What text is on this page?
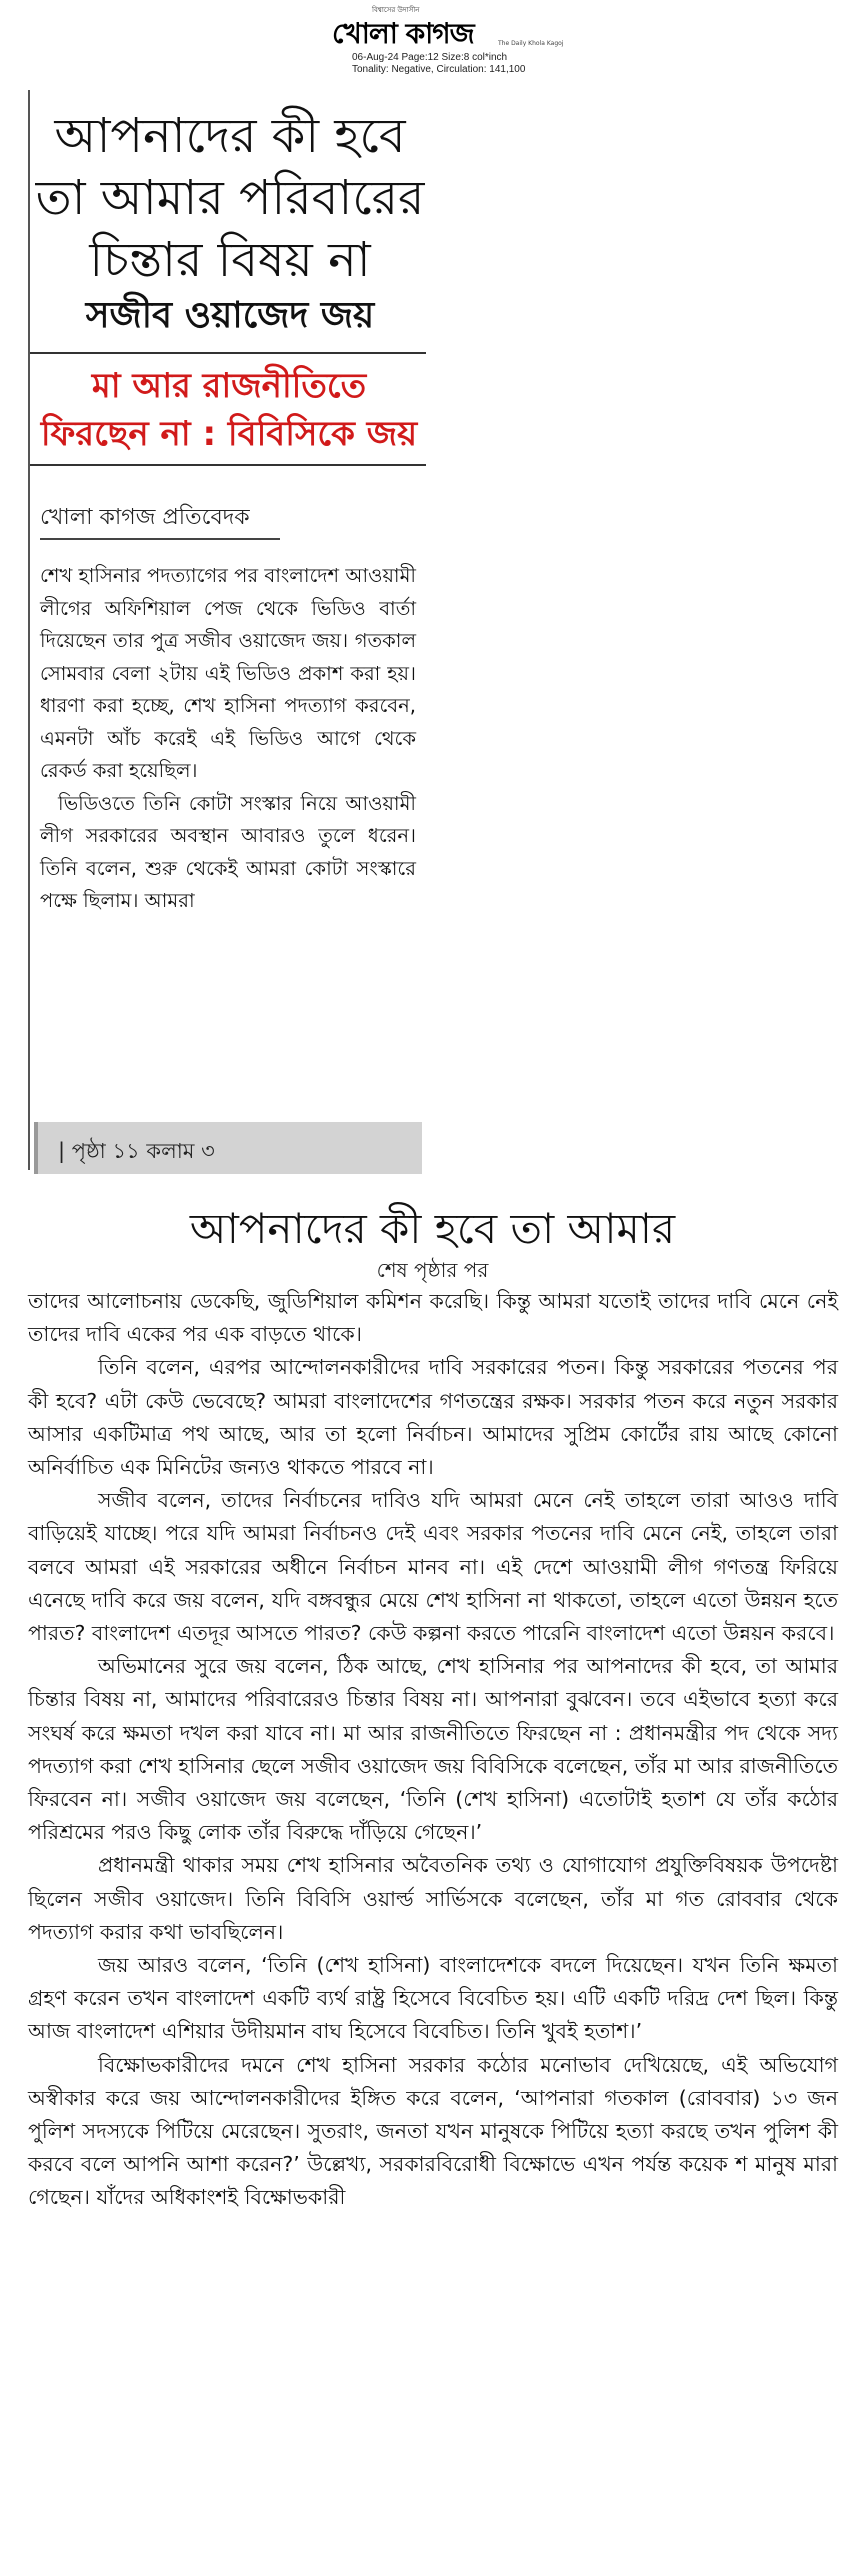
বিশ্বাসের উদাসীন
খোলা কাগজ	The Daily Khola Kagoj
06-Aug-24 Page:12 Size:8 col*inch
Tonality: Negative, Circulation: 141,100
আপনাদের কী হবে
তা আমার পরিবারের
চিন্তার বিষয় না
সজীব ওয়াজেদ জয়
মা আর রাজনীতিতে
ফিরছেন না : বিবিসিকে জয়
খোলা কাগজ প্রতিবেদক

শেখ হাসিনার পদত্যাগের পর বাংলাদেশ আওয়ামী লীগের অফিশিয়াল পেজ থেকে ভিডিও বার্তা দিয়েছেন তার পুত্র সজীব ওয়াজেদ জয়। গতকাল সোমবার বেলা ২টায় এই ভিডিও প্রকাশ করা হয়। ধারণা করা হচ্ছে, শেখ হাসিনা পদত্যাগ করবেন, এমনটা আঁচ করেই এই ভিডিও আগে থেকে রেকর্ড করা হয়েছিল।

ভিডিওতে তিনি কোটা সংস্কার নিয়ে আওয়ামী লীগ সরকারের অবস্থান আবারও তুলে ধরেন। তিনি বলেন, শুরু থেকেই আমরা কোটা সংস্কারে পক্ষে ছিলাম। আমরা

| পৃষ্ঠা ১১ কলাম ৩
আপনাদের কী হবে তা আমার
শেষ পৃষ্ঠার পর

তাদের আলোচনায় ডেকেছি, জুডিশিয়াল কমিশন করেছি। কিন্তু আমরা যতোই তাদের দাবি মেনে নেই তাদের দাবি একের পর এক বাড়তে থাকে।

তিনি বলেন, এরপর আন্দোলনকারীদের দাবি সরকারের পতন। কিন্তু সরকারের পতনের পর কী হবে? এটা কেউ ভেবেছে? আমরা বাংলাদেশের গণতন্ত্রের রক্ষক। সরকার পতন করে নতুন সরকার আসার একটিমাত্র পথ আছে, আর তা হলো নির্বাচন। আমাদের সুপ্রিম কোর্টের রায় আছে কোনো অনির্বাচিত এক মিনিটের জন্যও থাকতে পারবে না।

সজীব বলেন, তাদের নির্বাচনের দাবিও যদি আমরা মেনে নেই তাহলে তারা আওও দাবি বাড়িয়েই যাচ্ছে। পরে যদি আমরা নির্বাচনও দেই এবং সরকার পতনের দাবি মেনে নেই, তাহলে তারা বলবে আমরা এই সরকারের অধীনে নির্বাচন মানব না। এই দেশে আওয়ামী লীগ গণতন্ত্র ফিরিয়ে এনেছে দাবি করে জয় বলেন, যদি বঙ্গবন্ধুর মেয়ে শেখ হাসিনা না থাকতো, তাহলে এতো উন্নয়ন হতে পারত? বাংলাদেশ এতদূর আসতে পারত? কেউ কল্পনা করতে পারেনি বাংলাদেশ এতো উন্নয়ন করবে।

অভিমানের সুরে জয় বলেন, ঠিক আছে, শেখ হাসিনার পর আপনাদের কী হবে, তা আমার চিন্তার বিষয় না, আমাদের পরিবারেরও চিন্তার বিষয় না। আপনারা বুঝবেন। তবে এইভাবে হত্যা করে সংঘর্ষ করে ক্ষমতা দখল করা যাবে না। মা আর রাজনীতিতে ফিরছেন না : প্রধানমন্ত্রীর পদ থেকে সদ্য পদত্যাগ করা শেখ হাসিনার ছেলে সজীব ওয়াজেদ জয় বিবিসিকে বলেছেন, তাঁর মা আর রাজনীতিতে ফিরবেন না। সজীব ওয়াজেদ জয় বলেছেন, ‘তিনি (শেখ হাসিনা) এতোটাই হতাশ যে তাঁর কঠোর পরিশ্রমের পরও কিছু লোক তাঁর বিরুদ্ধে দাঁড়িয়ে গেছেন।’

প্রধানমন্ত্রী থাকার সময় শেখ হাসিনার অবৈতনিক তথ্য ও যোগাযোগ প্রযুক্তিবিষয়ক উপদেষ্টা ছিলেন সজীব ওয়াজেদ। তিনি বিবিসি ওয়ার্ল্ড সার্ভিসকে বলেছেন, তাঁর মা গত রোববার থেকে পদত্যাগ করার কথা ভাবছিলেন।

জয় আরও বলেন, ‘তিনি (শেখ হাসিনা) বাংলাদেশকে বদলে দিয়েছেন। যখন তিনি ক্ষমতা গ্রহণ করেন তখন বাংলাদেশ একটি ব্যর্থ রাষ্ট্র হিসেবে বিবেচিত হয়। এটি একটি দরিদ্র দেশ ছিল। কিন্তু আজ বাংলাদেশ এশিয়ার উদীয়মান বাঘ হিসেবে বিবেচিত। তিনি খুবই হতাশ।’

বিক্ষোভকারীদের দমনে শেখ হাসিনা সরকার কঠোর মনোভাব দেখিয়েছে, এই অভিযোগ অস্বীকার করে জয় আন্দোলনকারীদের ইঙ্গিত করে বলেন, ‘আপনারা গতকাল (রোববার) ১৩ জন পুলিশ সদস্যকে পিটিয়ে মেরেছেন। সুতরাং, জনতা যখন মানুষকে পিটিয়ে হত্যা করছে তখন পুলিশ কী করবে বলে আপনি আশা করেন?’ উল্লেখ্য, সরকারবিরোধী বিক্ষোভে এখন পর্যন্ত কয়েক শ মানুষ মারা গেছেন। যাঁদের অধিকাংশই বিক্ষোভকারী
